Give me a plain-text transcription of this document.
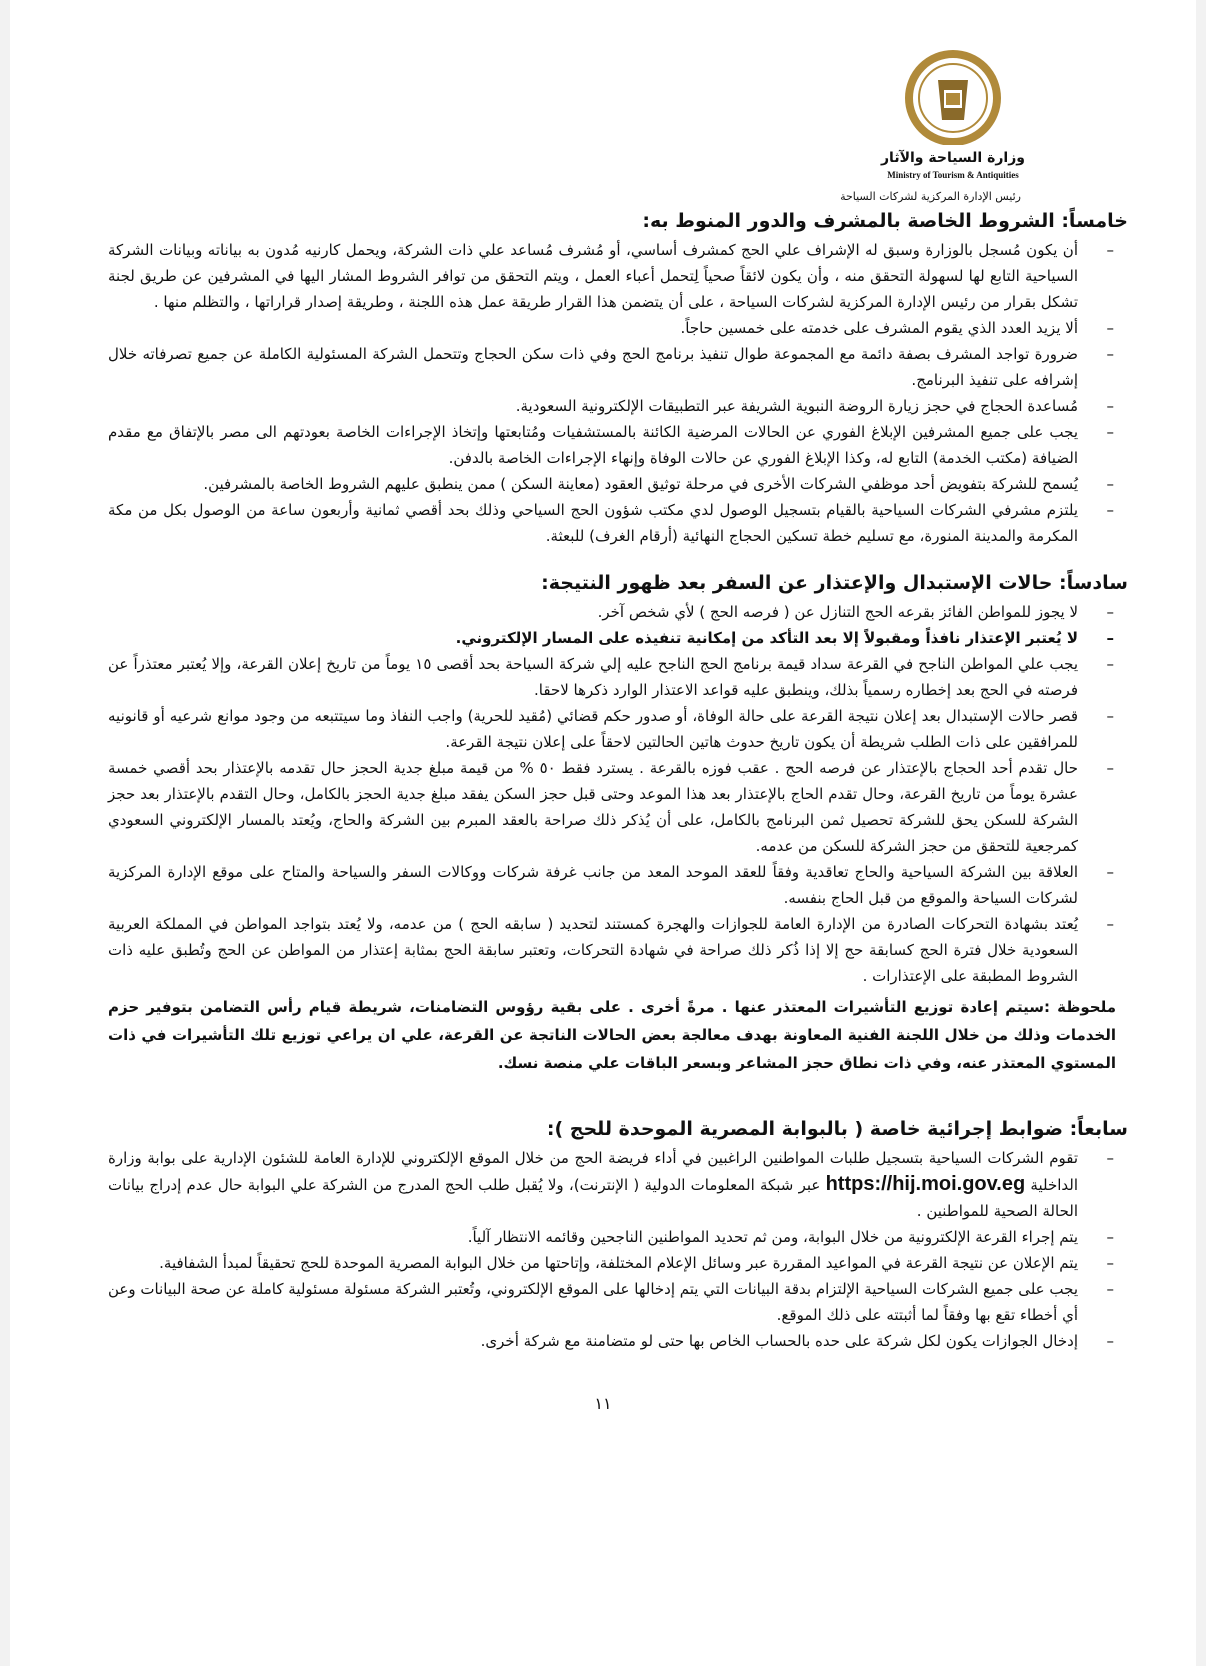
وزارة السياحة والآثار
Ministry of Tourism & Antiquities
رئيس الإدارة المركزية لشركات السياحة
خامساً: الشروط الخاصة بالمشرف والدور المنوط به:
–
أن يكون مُسجل بالوزارة وسبق له الإشراف علي الحج كمشرف أساسي، أو مُشرف مُساعد علي ذات الشركة، ويحمل كارنيه مُدون به بياناته وبيانات الشركة السياحية التابع لها لسهولة التحقق منه ، وأن يكون لائقاً صحياً لِتحمل أعباء العمل ، ويتم التحقق من توافر الشروط المشار اليها في المشرفين عن طريق لجنة تشكل بقرار من رئيس الإدارة المركزية لشركات السياحة ، على أن يتضمن هذا القرار طريقة عمل هذه اللجنة ، وطريقة إصدار قراراتها ، والتظلم منها .
–
ألا يزيد العدد الذي يقوم المشرف على خدمته على خمسين حاجاً.
–
ضرورة تواجد المشرف بصفة دائمة مع المجموعة طوال تنفيذ برنامج الحج وفي ذات سكن الحجاج وتتحمل الشركة المسئولية الكاملة عن جميع تصرفاته خلال إشرافه على تنفيذ البرنامج.
–
مُساعدة الحجاج في حجز زيارة الروضة النبوية الشريفة عبر التطبيقات الإلكترونية السعودية.
–
يجب على جميع المشرفين الإبلاغ الفوري عن الحالات المرضية الكائنة بالمستشفيات ومُتابعتها وإتخاذ الإجراءات الخاصة بعودتهم الى مصر بالإتفاق مع مقدم الضيافة (مكتب الخدمة) التابع له، وكذا الإبلاغ الفوري عن حالات الوفاة وإنهاء الإجراءات الخاصة بالدفن.
–
يُسمح للشركة بتفويض أحد موظفي الشركات الأخرى في مرحلة توثيق العقود (معاينة السكن ) ممن ينطبق عليهم الشروط الخاصة بالمشرفين.
–
يلتزم مشرفي الشركات السياحية بالقيام بتسجيل الوصول لدي مكتب شؤون الحج السياحي وذلك بحد أقصي ثمانية وأربعون ساعة من الوصول بكل من مكة المكرمة والمدينة المنورة، مع تسليم خطة تسكين الحجاج النهائية (أرقام الغرف) للبعثة.
سادساً: حالات الإستبدال والإعتذار عن السفر بعد ظهور النتيجة:
–
لا يجوز للمواطن الفائز بقرعه الحج التنازل عن ( فرصه الحج ) لأي شخص آخر.
–
لا يُعتبر الإعتذار نافذاً ومقبولاً إلا بعد التأكد من إمكانية تنفيذه على المسار الإلكتروني.
–
يجب علي المواطن الناجح في القرعة سداد قيمة برنامج الحج الناجح عليه إلي شركة السياحة بحد أقصى ١٥ يوماً من تاريخ إعلان القرعة، وإلا يُعتبر معتذراً عن فرصته في الحج بعد إخطاره رسمياً بذلك، وينطبق عليه قواعد الاعتذار الوارد ذكرها لاحقا.
–
قصر حالات الإستبدال بعد إعلان نتيجة القرعة على حالة الوفاة، أو صدور حكم قضائي (مُقيد للحرية) واجب النفاذ وما سيتتبعه من وجود موانع شرعيه أو قانونيه للمرافقين على ذات الطلب شريطة أن يكون تاريخ حدوث هاتين الحالتين لاحقاً على إعلان نتيجة القرعة.
–
حال تقدم أحد الحجاج بالإعتذار عن فرصه الحج . عقب فوزه بالقرعة . يسترد فقط ٥٠ % من قيمة مبلغ جدية الحجز حال تقدمه بالإعتذار بحد أقصي خمسة عشرة يوماً من تاريخ القرعة، وحال تقدم الحاج بالإعتذار بعد هذا الموعد وحتى قبل حجز السكن يفقد مبلغ جدية الحجز بالكامل، وحال التقدم بالإعتذار بعد حجز الشركة للسكن يحق للشركة تحصيل ثمن البرنامج بالكامل، على أن يُذكر ذلك صراحة بالعقد المبرم بين الشركة والحاج، ويُعتد بالمسار الإلكتروني السعودي كمرجعية للتحقق من حجز الشركة للسكن من عدمه.
–
العلاقة بين الشركة السياحية والحاج تعاقدية وفقاً للعقد الموحد المعد من جانب غرفة شركات ووكالات السفر والسياحة والمتاح على موقع الإدارة المركزية لشركات السياحة والموقع من قبل الحاج بنفسه.
–
يُعتد بشهادة التحركات الصادرة من الإدارة العامة للجوازات والهجرة كمستند لتحديد ( سابقه الحج ) من عدمه، ولا يُعتد بتواجد المواطن في المملكة العربية السعودية خلال فترة الحج كسابقة حج إلا إذا ذُكر ذلك صراحة في شهادة التحركات، وتعتبر سابقة الحج بمثابة إعتذار من المواطن عن الحج وتُطبق عليه ذات الشروط المطبقة على الإعتذارات .
ملحوظة :سيتم إعادة توزيع التأشيرات المعتذر عنها . مرةً أخرى . على بقية رؤوس التضامنات، شريطة قيام رأس التضامن بتوفير حزم الخدمات وذلك من خلال اللجنة الفنية المعاونة بهدف معالجة بعض الحالات الناتجة عن القرعة، علي ان يراعي توزيع تلك التأشيرات في ذات المستوي المعتذر عنه، وفي ذات نطاق حجز المشاعر وبسعر الباقات علي منصة نسك.
سابعاً: ضوابط إجرائية خاصة ( بالبوابة المصرية الموحدة للحج ):
–
تقوم الشركات السياحية بتسجيل طلبات المواطنين الراغبين في أداء فريضة الحج من خلال الموقع الإلكتروني للإدارة العامة للشئون الإدارية على بوابة وزارة الداخلية https://hij.moi.gov.eg عبر شبكة المعلومات الدولية ( الإنترنت)، ولا يُقبل طلب الحج المدرج من الشركة علي البوابة حال عدم إدراج بيانات الحالة الصحية للمواطنين .
–
يتم إجراء القرعة الإلكترونية من خلال البوابة، ومن ثم تحديد المواطنين الناجحين وقائمه الانتظار آلياً.
–
يتم الإعلان عن نتيجة القرعة في المواعيد المقررة عبر وسائل الإعلام المختلفة، وإتاحتها من خلال البوابة المصرية الموحدة للحج تحقيقاً لمبدأ الشفافية.
–
يجب على جميع الشركات السياحية الإلتزام بدقة البيانات التي يتم إدخالها على الموقع الإلكتروني، وتُعتبر الشركة مسئولة مسئولية كاملة عن صحة البيانات وعن أي أخطاء تقع بها وفقاً لما أثبتته على ذلك الموقع.
–
إدخال الجوازات يكون لكل شركة على حده بالحساب الخاص بها حتى لو متضامنة مع شركة أخرى.
١١
